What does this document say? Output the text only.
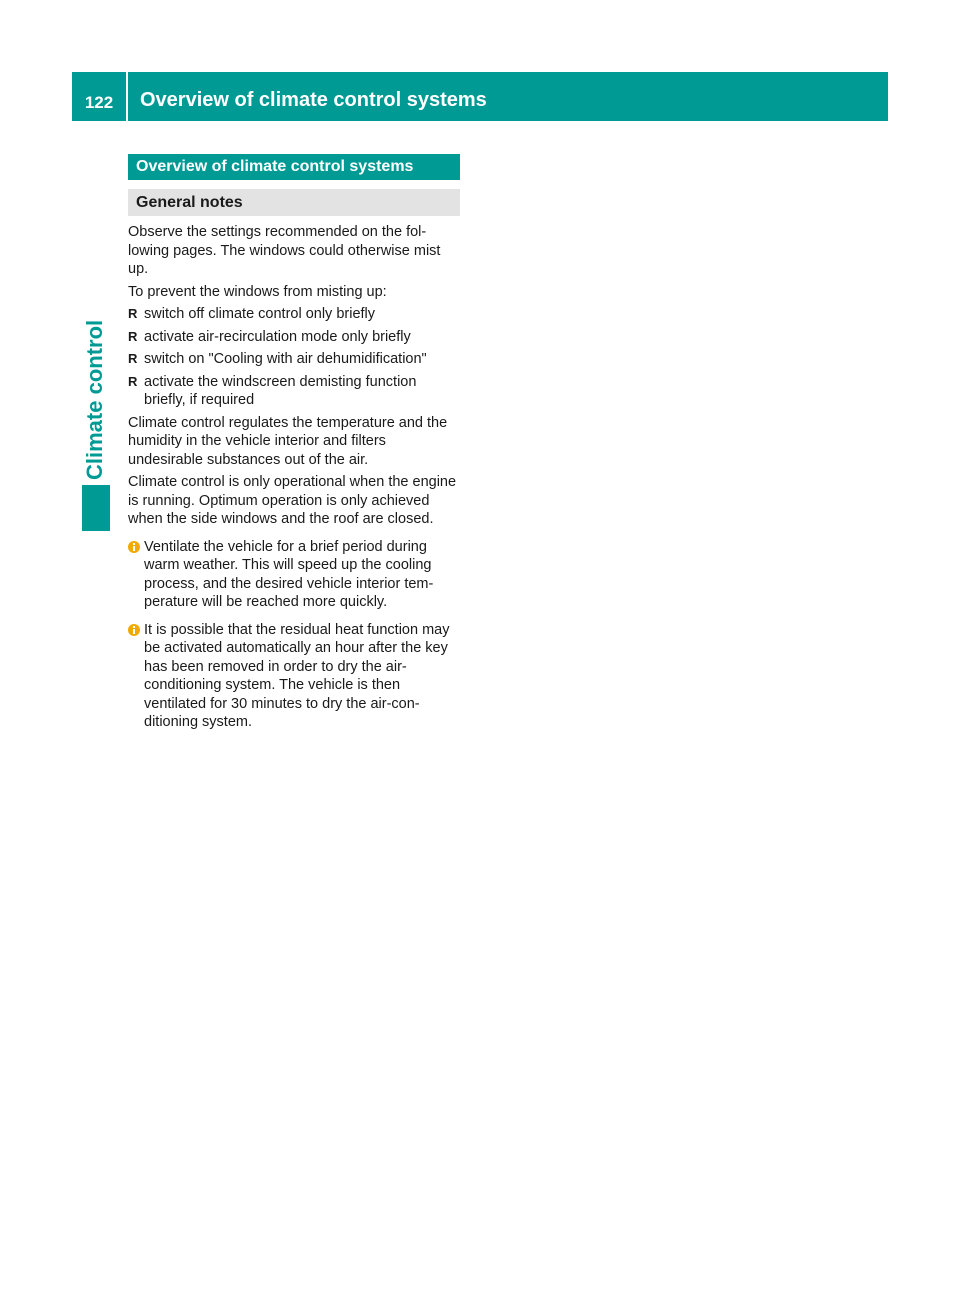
122	Overview of climate control systems
Climate control
Overview of climate control systems
General notes

Observe the settings recommended on the fol-lowing pages. The windows could otherwise mist up.

To prevent the windows from misting up:

R switch off climate control only briefly
R activate air-recirculation mode only briefly
R switch on "Cooling with air dehumidification"
R activate the windscreen demisting function briefly, if required

Climate control regulates the temperature and the humidity in the vehicle interior and filters undesirable substances out of the air.

Climate control is only operational when the engine is running. Optimum operation is only achieved when the side windows and the roof are closed.

Ventilate the vehicle for a brief period during warm weather. This will speed up the cooling process, and the desired vehicle interior tem-perature will be reached more quickly.

It is possible that the residual heat function may be activated automatically an hour after the key has been removed in order to dry the air-conditioning system. The vehicle is then ventilated for 30 minutes to dry the air-con-ditioning system.
